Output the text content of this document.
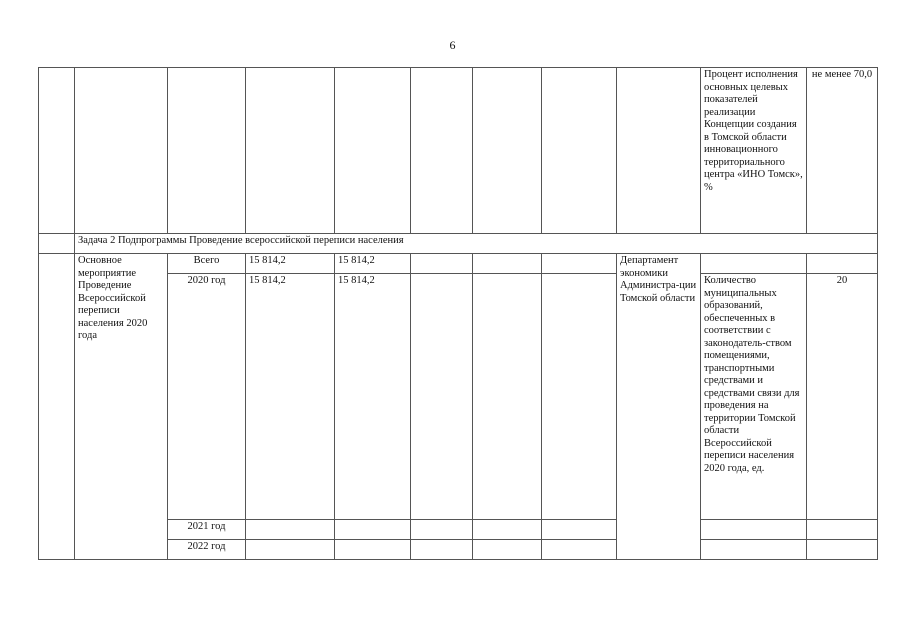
6
									Процент исполнения основных целевых показателей реализации Концепции создания в Томской области инновационного территориального центра «ИНО Томск», %	не менее 70,0
	Задача 2 Подпрограммы Проведение всероссийской переписи населения									
	Основное мероприятие Проведение Всероссийской переписи населения 2020 года	Всего	15 814,2	15 814,2				Департамент экономики Администра-ции Томской области		
		2020 год	15 814,2	15 814,2					Количество муниципальных образований, обеспеченных в соответствии с законодатель-ством помещениями, транспортными средствами и средствами связи для проведения на территории Томской области Всероссийской переписи населения 2020 года, ед.	20
		2021 год								
		2022 год								
